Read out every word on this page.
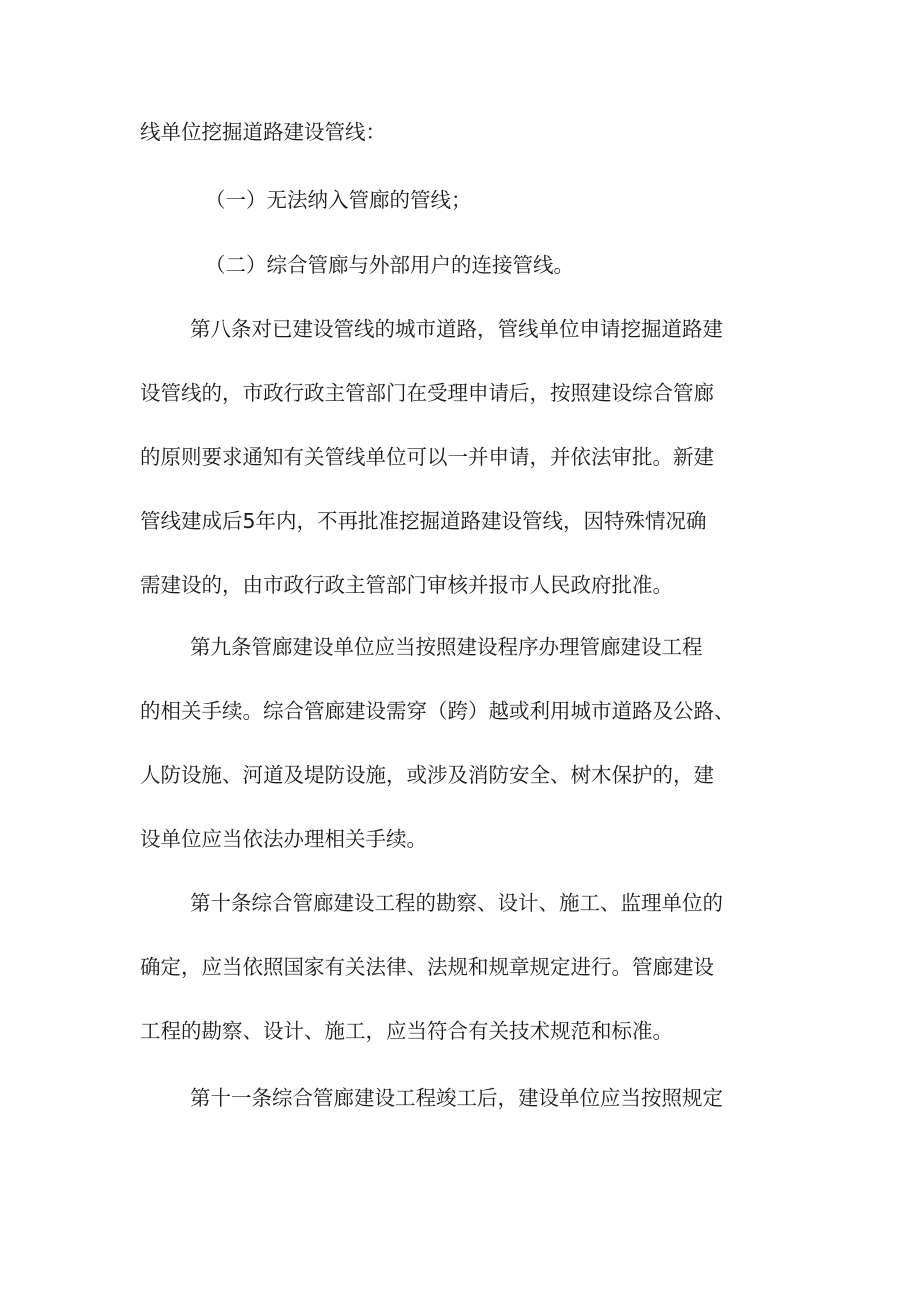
线单位挖掘道路建设管线：
（一）无法纳入管廊的管线；
（二）综合管廊与外部用户的连接管线。
第八条对已建设管线的城市道路，管线单位申请挖掘道路建
设管线的，市政行政主管部门在受理申请后，按照建设综合管廊
的原则要求通知有关管线单位可以一并申请，并依法审批。新建
管线建成后5年内，不再批准挖掘道路建设管线，因特殊情况确
需建设的，由市政行政主管部门审核并报市人民政府批准。
第九条管廊建设单位应当按照建设程序办理管廊建设工程
的相关手续。综合管廊建设需穿（跨）越或利用城市道路及公路、
人防设施、河道及堤防设施，或涉及消防安全、树木保护的，建
设单位应当依法办理相关手续。
第十条综合管廊建设工程的勘察、设计、施工、监理单位的
确定，应当依照国家有关法律、法规和规章规定进行。管廊建设
工程的勘察、设计、施工，应当符合有关技术规范和标准。
第十一条综合管廊建设工程竣工后，建设单位应当按照规定
